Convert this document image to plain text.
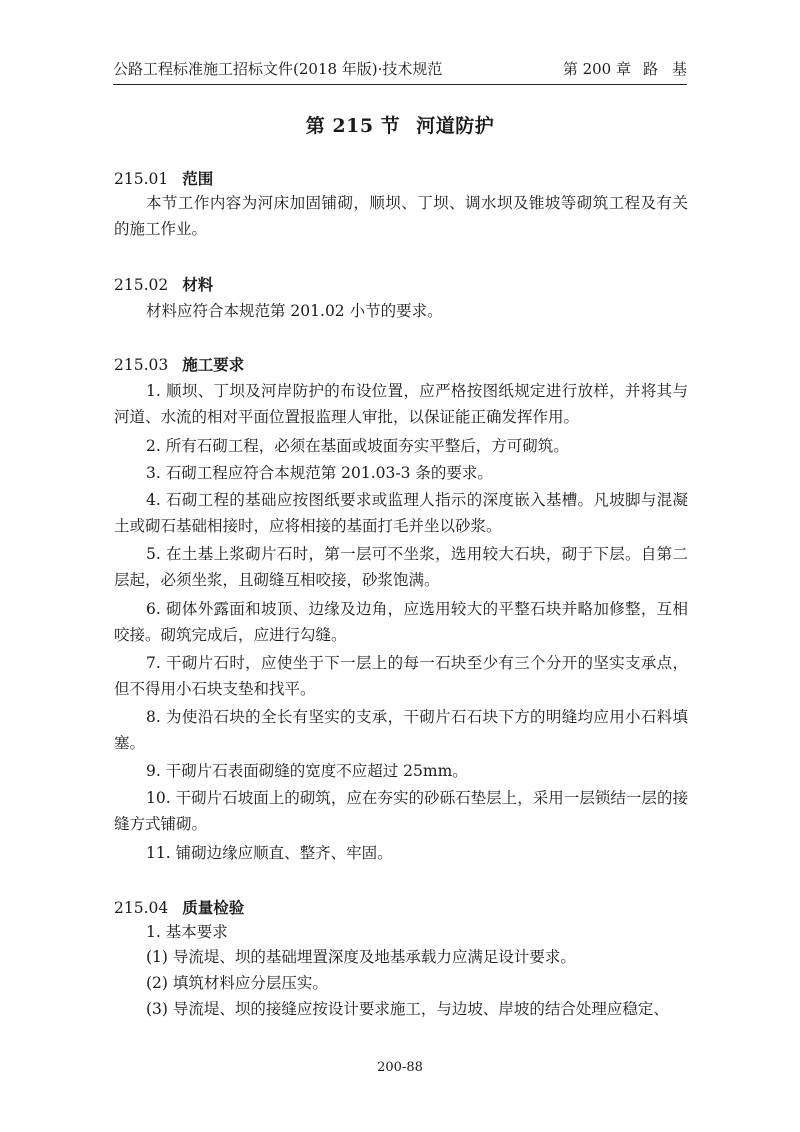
公路工程标准施工招标文件(2018 年版)·技术规范	第 200 章 路基
第 215 节 河道防护
215.01 范围

本节工作内容为河床加固铺砌，顺坝、丁坝、调水坝及锥坡等砌筑工程及有关的施工作业。

215.02 材料

材料应符合本规范第 201.02 小节的要求。

215.03 施工要求

1. 顺坝、丁坝及河岸防护的布设位置，应严格按图纸规定进行放样，并将其与河道、水流的相对平面位置报监理人审批，以保证能正确发挥作用。

2. 所有石砌工程，必须在基面或坡面夯实平整后，方可砌筑。

3. 石砌工程应符合本规范第 201.03-3 条的要求。

4. 石砌工程的基础应按图纸要求或监理人指示的深度嵌入基槽。凡坡脚与混凝土或砌石基础相接时，应将相接的基面打毛并坐以砂浆。

5. 在土基上浆砌片石时，第一层可不坐浆，选用较大石块，砌于下层。自第二层起，必须坐浆，且砌缝互相咬接，砂浆饱满。

6. 砌体外露面和坡顶、边缘及边角，应选用较大的平整石块并略加修整，互相咬接。砌筑完成后，应进行勾缝。

7. 干砌片石时，应使坐于下一层上的每一石块至少有三个分开的坚实支承点，但不得用小石块支垫和找平。

8. 为使沿石块的全长有坚实的支承，干砌片石石块下方的明缝均应用小石料填塞。

9. 干砌片石表面砌缝的宽度不应超过 25mm。

10. 干砌片石坡面上的砌筑，应在夯实的砂砾石垫层上，采用一层锁结一层的接缝方式铺砌。

11. 铺砌边缘应顺直、整齐、牢固。

215.04 质量检验

1. 基本要求

(1) 导流堤、坝的基础埋置深度及地基承载力应满足设计要求。

(2) 填筑材料应分层压实。

(3) 导流堤、坝的接缝应按设计要求施工，与边坡、岸坡的结合处理应稳定、

200-88
